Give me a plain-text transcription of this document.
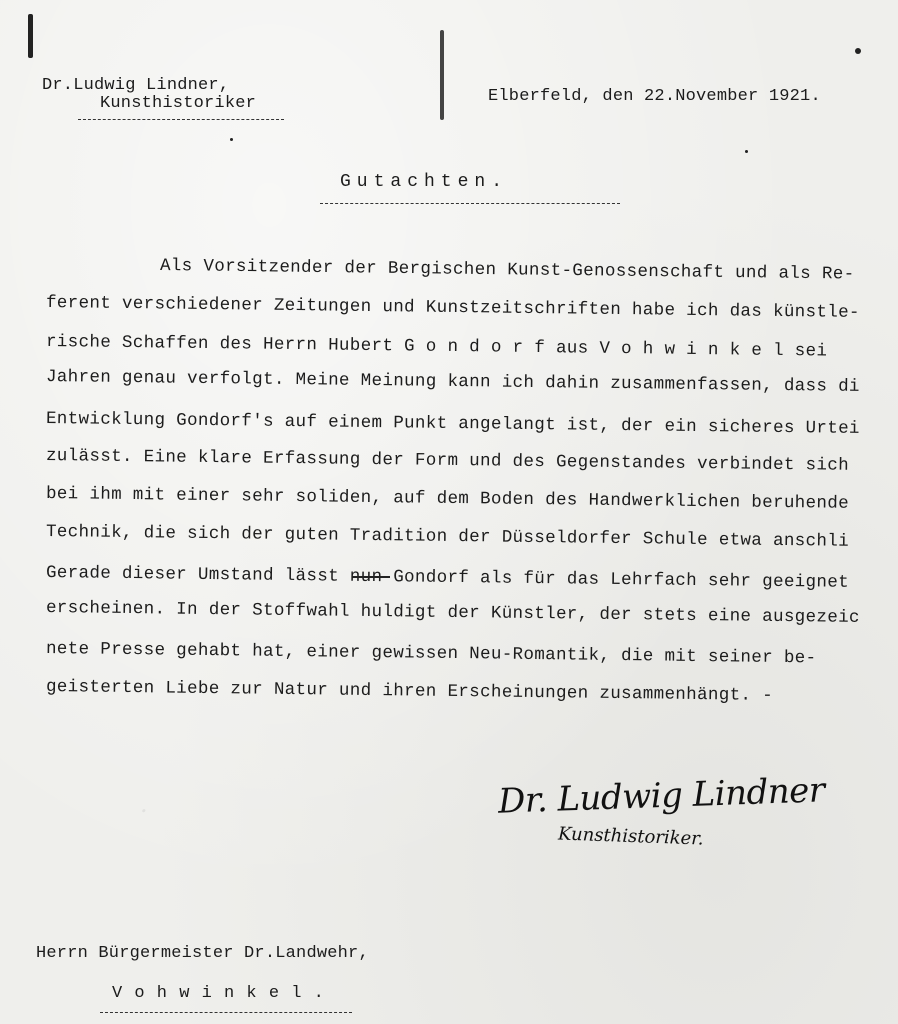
.
Dr.Ludwig Lindner,
Kunsthistoriker	Elberfeld, den 22.November 1921.
Gutachten.
Als Vorsitzender der Bergischen Kunst-Genossenschaft und als Re-
ferent verschiedener Zeitungen und Kunstzeitschriften habe ich das künstle-
rische Schaffen des Herrn Hubert G o n d o r f aus V o h w i n k e l sei
Jahren genau verfolgt. Meine Meinung kann ich dahin zusammenfassen, dass di
Entwicklung Gondorf's auf einem Punkt angelangt ist, der ein sicheres Urtei
zulässt. Eine klare Erfassung der Form und des Gegenstandes verbindet sich
bei ihm mit einer sehr soliden, auf dem Boden des Handwerklichen beruhende
Technik, die sich der guten Tradition der Düsseldorfer Schule etwa anschli
Gerade dieser Umstand lässt nun Gondorf als für das Lehrfach sehr geeignet
erscheinen. In der Stoffwahl huldigt der Künstler, der stets eine ausgezeic
nete Presse gehabt hat, einer gewissen Neu-Romantik, die mit seiner be-
geisterten Liebe zur Natur und ihren Erscheinungen zusammenhängt. -
Dr. Ludwig Lindner
Kunsthistoriker.
Herrn Bürgermeister Dr.Landwehr,
V o h w i n k e l .
